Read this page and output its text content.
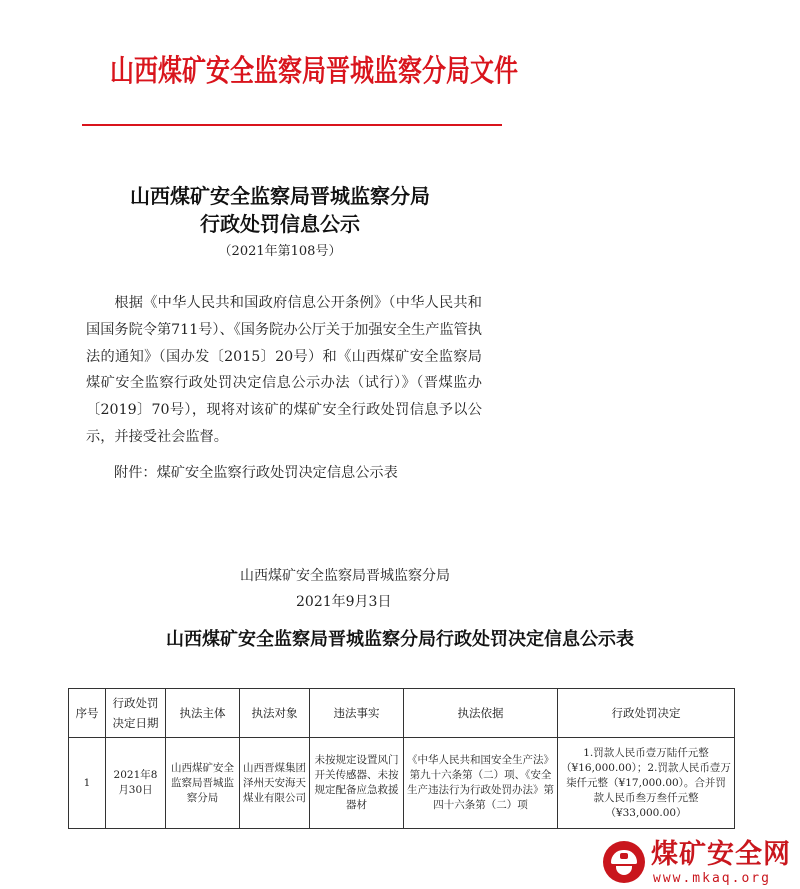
山西煤矿安全监察局晋城监察分局文件
山西煤矿安全监察局晋城监察分局
行政处罚信息公示
（2021年第108号）

根据《中华人民共和国政府信息公开条例》（中华人民共和国国务院令第711号）、《国务院办公厅关于加强安全生产监管执法的通知》（国办发〔2015〕20号）和《山西煤矿安全监察局煤矿安全监察行政处罚决定信息公示办法（试行）》（晋煤监办〔2019〕70号），现将对该矿的煤矿安全行政处罚信息予以公示，并接受社会监督。

附件：煤矿安全监察行政处罚决定信息公示表
山西煤矿安全监察局晋城监察分局
2021年9月3日
山西煤矿安全监察局晋城监察分局行政处罚决定信息公示表
序号	行政处罚决定日期	执法主体	执法对象	违法事实	执法依据	行政处罚决定
1	2021年8月30日	山西煤矿安全监察局晋城监察分局	山西晋煤集团泽州天安海天煤业有限公司	未按规定设置风门开关传感器、未按规定配备应急救援器材	《中华人民共和国安全生产法》第九十六条第（二）项、《安全生产违法行为行政处罚办法》第四十六条第（二）项	1.罚款人民币壹万陆仟元整（¥16,000.00）；2.罚款人民币壹万柒仟元整（¥17,000.00）。合并罚款人民币叁万叁仟元整（¥33,000.00）
煤矿安全网
www.mkaq.org
